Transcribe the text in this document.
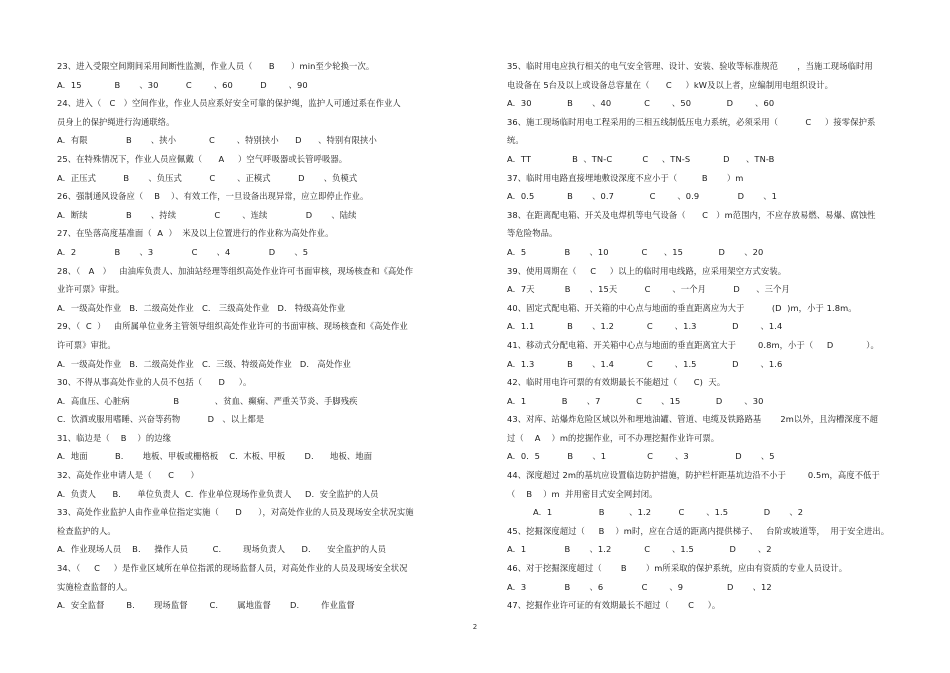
23、进入受限空间期间采用间断性监测，作业人员（      B      ）min至少轮换一次。
A.  15            B       、30          C        、60          D        、90
24、进入（   C   ）空间作业，作业人员应系好安全可靠的保护绳，监护人可通过系在作业人
员身上的保护绳进行沟通联络。
A.  有限              B       、挟小            C        、特别挟小      D      、特别有限挟小
25、在特殊情况下，作业人员应佩戴（      A     ）空气呼吸器或长管呼吸器。
A.  正压式          B       、负压式          C        、正模式          D       、负模式
26、强制通风设备应（    B    ）、有效工作，一旦设备出现异常，应立即停止作业。
A.  断续              B       、持续              C        、连续              D       、陆续
27、在坠落高度基准面（  A  ）  米及以上位置进行的作业称为高处作业。
A.  2              B       、3              C       、4              D       、5
28、（   A   ）   由油库负责人、加油站经理等组织高处作业许可书面审核，现场核查和《高处作
业许可票》审批。
A.  一级高处作业   B.  二级高处作业   C.   三级高处作业   D.   特级高处作业
29、（  C  ）   由所属单位业务主管领导组织高处作业许可的书面审核、现场核查和《高处作业
许可票》审批。
A.  一级高处作业   B.  二级高处作业   C.  三级、特级高处作业   D.   高处作业
30、不得从事高处作业的人员不包括（      D     ）。
A.  高血压、心脏病                B             、贫血、癫痫、严重关节炎、手脚残疾
C.  饮酒或服用嗜睡、兴奋等药物          D   、以上都是
31、临边是（    B    ）的边缘
A.  地面          B.       地板、甲板或栅格板    C.  木板、甲板       D.      地板、地面
32、高处作业申请人是（      C      ）
A.  负责人      B.      单位负责人  C.  作业单位现场作业负责人     D.  安全监护的人员
33、高处作业监护人由作业单位指定实施（      D      ），对高处作业的人员及现场安全状况实施
检查监护的人。
A.  作业现场人员    B.     操作人员         C.        现场负责人      D.      安全监护的人员
34、（     C     ）是作业区域所在单位指派的现场监督人员，对高处作业的人员及现场安全状况
实施检查监督的人。
A.  安全监督        B.       现场监督        C.       属地监督       D.        作业监督
35、临时用电应执行相关的电气安全管理、设计、安装、验收等标准规范       ，当施工现场临时用
电设备在 5台及以上或设备总容量在（      C     ）kW及以上者，应编制用电组织设计。
A.  30             B       、40            C        、50             D        、60
36、施工现场临时用电工程采用的三相五线制低压电力系统，必须采用（          C     ）接零保护系
统。
A.  TT               B  、TN-C           C     、TN-S            D      、TN-B
37、临时用电路直接埋地敷设深度不应小于（         B       ）m
A.  0.5            B       、0.7             C        、0.9              D       、1
38、在距离配电箱、开关及电焊机等电气设备（      C   ）m范围内，不应存放易燃、易爆、腐蚀性
等危险物品。
A.  5              B       、10            C      、15             D       、20
39、使用周期在（     C     ）以上的临时用电线路，应采用架空方式安装。
A.  7天           B       、15天          C        、一个月          D      、三个月
40、固定式配电箱、开关箱的中心点与地面的垂直距离应为大于          (D  )m，小于 1.8m。
A.  1.1            B       、1.2            C        、1.3             D        、1.4
41、移动式分配电箱、开关箱中心点与地面的垂直距离宜大于        0.8m，小于（     D            ）。
A.  1.3            B       、1.4            C        、1.5             D        、1.6
42、临时用电许可票的有效期最长不能超过（      C)  天。
A.  1             B       、7             C       、15             D        、30
43、对库、站爆炸危险区域以外和埋地油罐、管道、电缆及铁路路基       2m以外，且沟槽深度不超
过（    A    ）m的挖掘作业，可不办理挖掘作业许可票。
A.  0．5          B       、1               C        、3                 D       、5
44、深度超过 2m的基坑应设置临边防护措施，防护栏杆距基坑边沿不小于        0.5m，高度不低于
（    B    ）m  并用密目式安全网封闭。
A.  1                 B         、1.2          C        、1.5             D       、2
45、挖掘深度超过（     B    ）m时，应在合适的距离内提供梯子、   台阶或坡道等，  用于安全进出。
A.  1              B       、1.2            C        、1.5             D        、2
46、对于挖掘深度超过（       B       ）m所采取的保护系统，应由有资质的专业人员设计。
A.  3              B       、6              C        、9                D       、12
47、挖掘作业许可证的有效期最长不超过（       C     ）。
2
